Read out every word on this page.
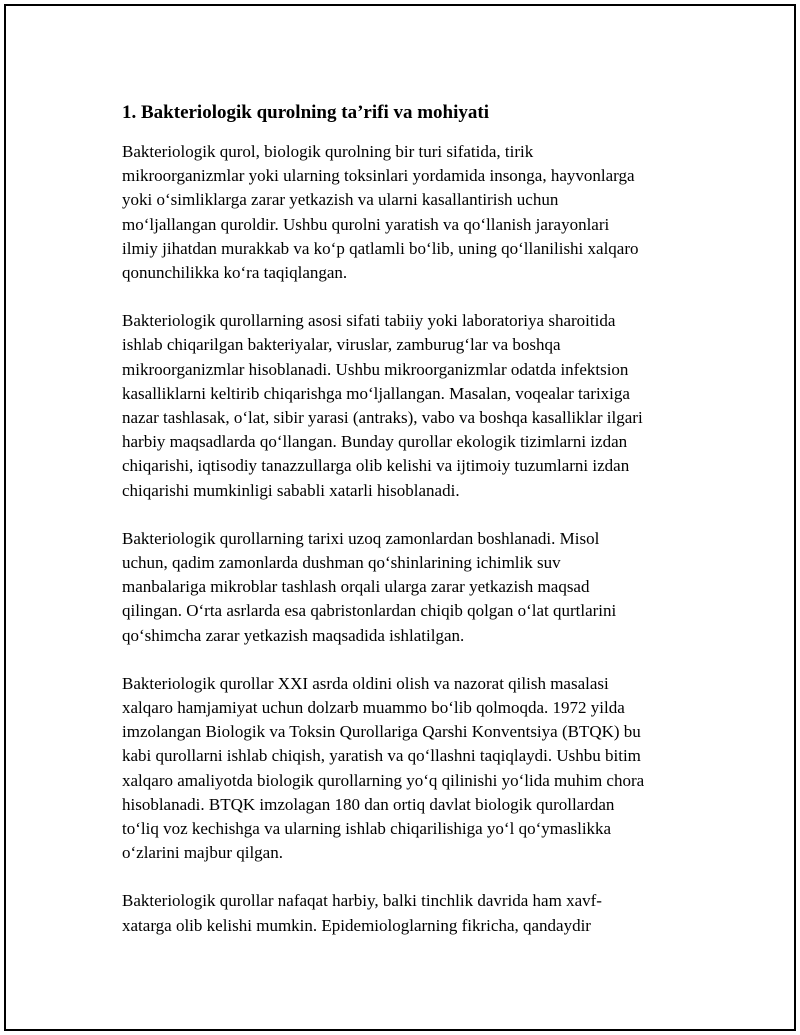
1. Bakteriologik qurolning ta’rifi va mohiyati
Bakteriologik qurol, biologik qurolning bir turi sifatida, tirik
mikroorganizmlar yoki ularning toksinlari yordamida insonga, hayvonlarga
yoki o‘simliklarga zarar yetkazish va ularni kasallantirish uchun
mo‘ljallangan quroldir. Ushbu qurolni yaratish va qo‘llanish jarayonlari
ilmiy jihatdan murakkab va ko‘p qatlamli bo‘lib, uning qo‘llanilishi xalqaro
qonunchilikka ko‘ra taqiqlangan.
Bakteriologik qurollarning asosi sifati tabiiy yoki laboratoriya sharoitida
ishlab chiqarilgan bakteriyalar, viruslar, zamburug‘lar va boshqa
mikroorganizmlar hisoblanadi. Ushbu mikroorganizmlar odatda infektsion
kasalliklarni keltirib chiqarishga mo‘ljallangan. Masalan, voqealar tarixiga
nazar tashlasak, o‘lat, sibir yarasi (antraks), vabo va boshqa kasalliklar ilgari
harbiy maqsadlarda qo‘llangan. Bunday qurollar ekologik tizimlarni izdan
chiqarishi, iqtisodiy tanazzullarga olib kelishi va ijtimoiy tuzumlarni izdan
chiqarishi mumkinligi sababli xatarli hisoblanadi.
Bakteriologik qurollarning tarixi uzoq zamonlardan boshlanadi. Misol
uchun, qadim zamonlarda dushman qo‘shinlarining ichimlik suv
manbalariga mikroblar tashlash orqali ularga zarar yetkazish maqsad
qilingan. O‘rta asrlarda esa qabristonlardan chiqib qolgan o‘lat qurtlarini
qo‘shimcha zarar yetkazish maqsadida ishlatilgan.
Bakteriologik qurollar XXI asrda oldini olish va nazorat qilish masalasi
xalqaro hamjamiyat uchun dolzarb muammo bo‘lib qolmoqda. 1972 yilda
imzolangan Biologik va Toksin Qurollariga Qarshi Konventsiya (BTQK) bu
kabi qurollarni ishlab chiqish, yaratish va qo‘llashni taqiqlaydi. Ushbu bitim
xalqaro amaliyotda biologik qurollarning yo‘q qilinishi yo‘lida muhim chora
hisoblanadi. BTQK imzolagan 180 dan ortiq davlat biologik qurollardan
to‘liq voz kechishga va ularning ishlab chiqarilishiga yo‘l qo‘ymaslikka
o‘zlarini majbur qilgan.
Bakteriologik qurollar nafaqat harbiy, balki tinchlik davrida ham xavf-
xatarga olib kelishi mumkin. Epidemiologlarning fikricha, qandaydir
